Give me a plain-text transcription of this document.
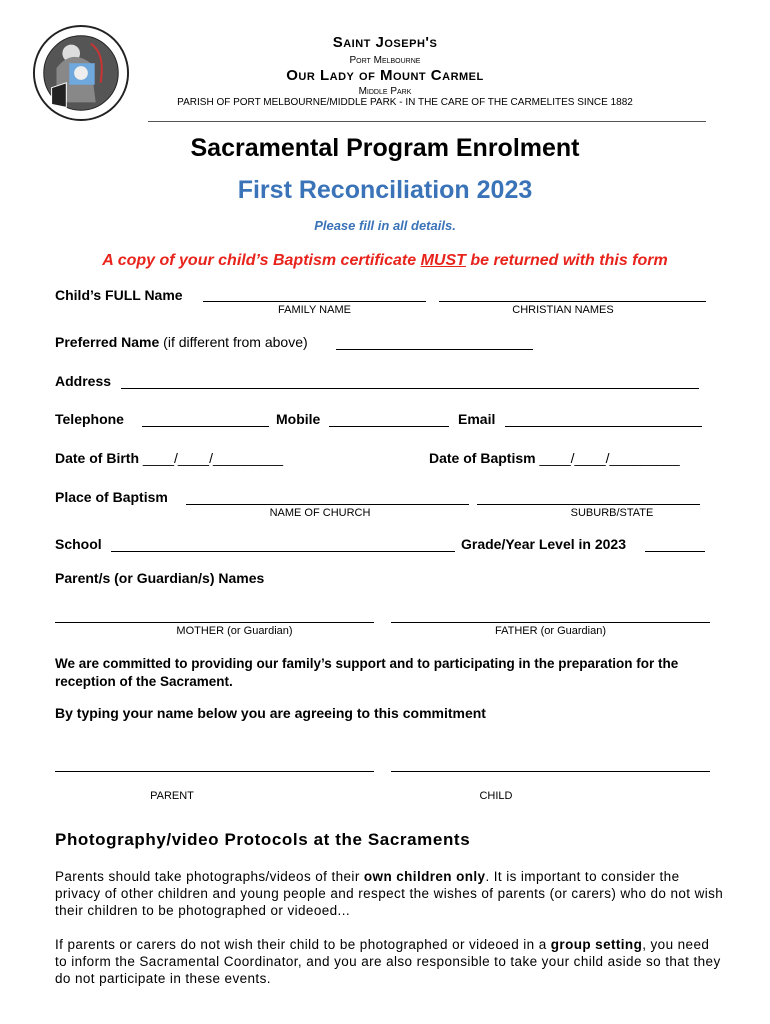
Saint Joseph's
Port Melbourne
Our Lady of Mount Carmel
Middle Park
PARISH OF PORT MELBOURNE/MIDDLE PARK - IN THE CARE OF THE CARMELITES SINCE 1882
Sacramental Program Enrolment
First Reconciliation 2023
Please fill in all details.
A copy of your child’s Baptism certificate MUST be returned with this form
Child’s FULL Name
FAMILY NAME	CHRISTIAN NAMES
Preferred Name (if different from above)
Address
Telephone	Mobile	Email
Date of Birth ____/____/_________	Date of Baptism ____/____/_________
Place of Baptism
NAME OF CHURCH	SUBURB/STATE
School	Grade/Year Level in 2023
Parent/s (or Guardian/s) Names
MOTHER (or Guardian)	FATHER (or Guardian)
We are committed to providing our family’s support and to participating in the preparation for the reception of the Sacrament.
By typing your name below you are agreeing to this commitment
PARENT	CHILD
Photography/video Protocols at the Sacraments
Parents should take photographs/videos of their own children only. It is important to consider the privacy of other children and young people and respect the wishes of parents (or carers) who do not wish their children to be photographed or videoed...
If parents or carers do not wish their child to be photographed or videoed in a group setting, you need to inform the Sacramental Coordinator, and you are also responsible to take your child aside so that they do not participate in these events.
